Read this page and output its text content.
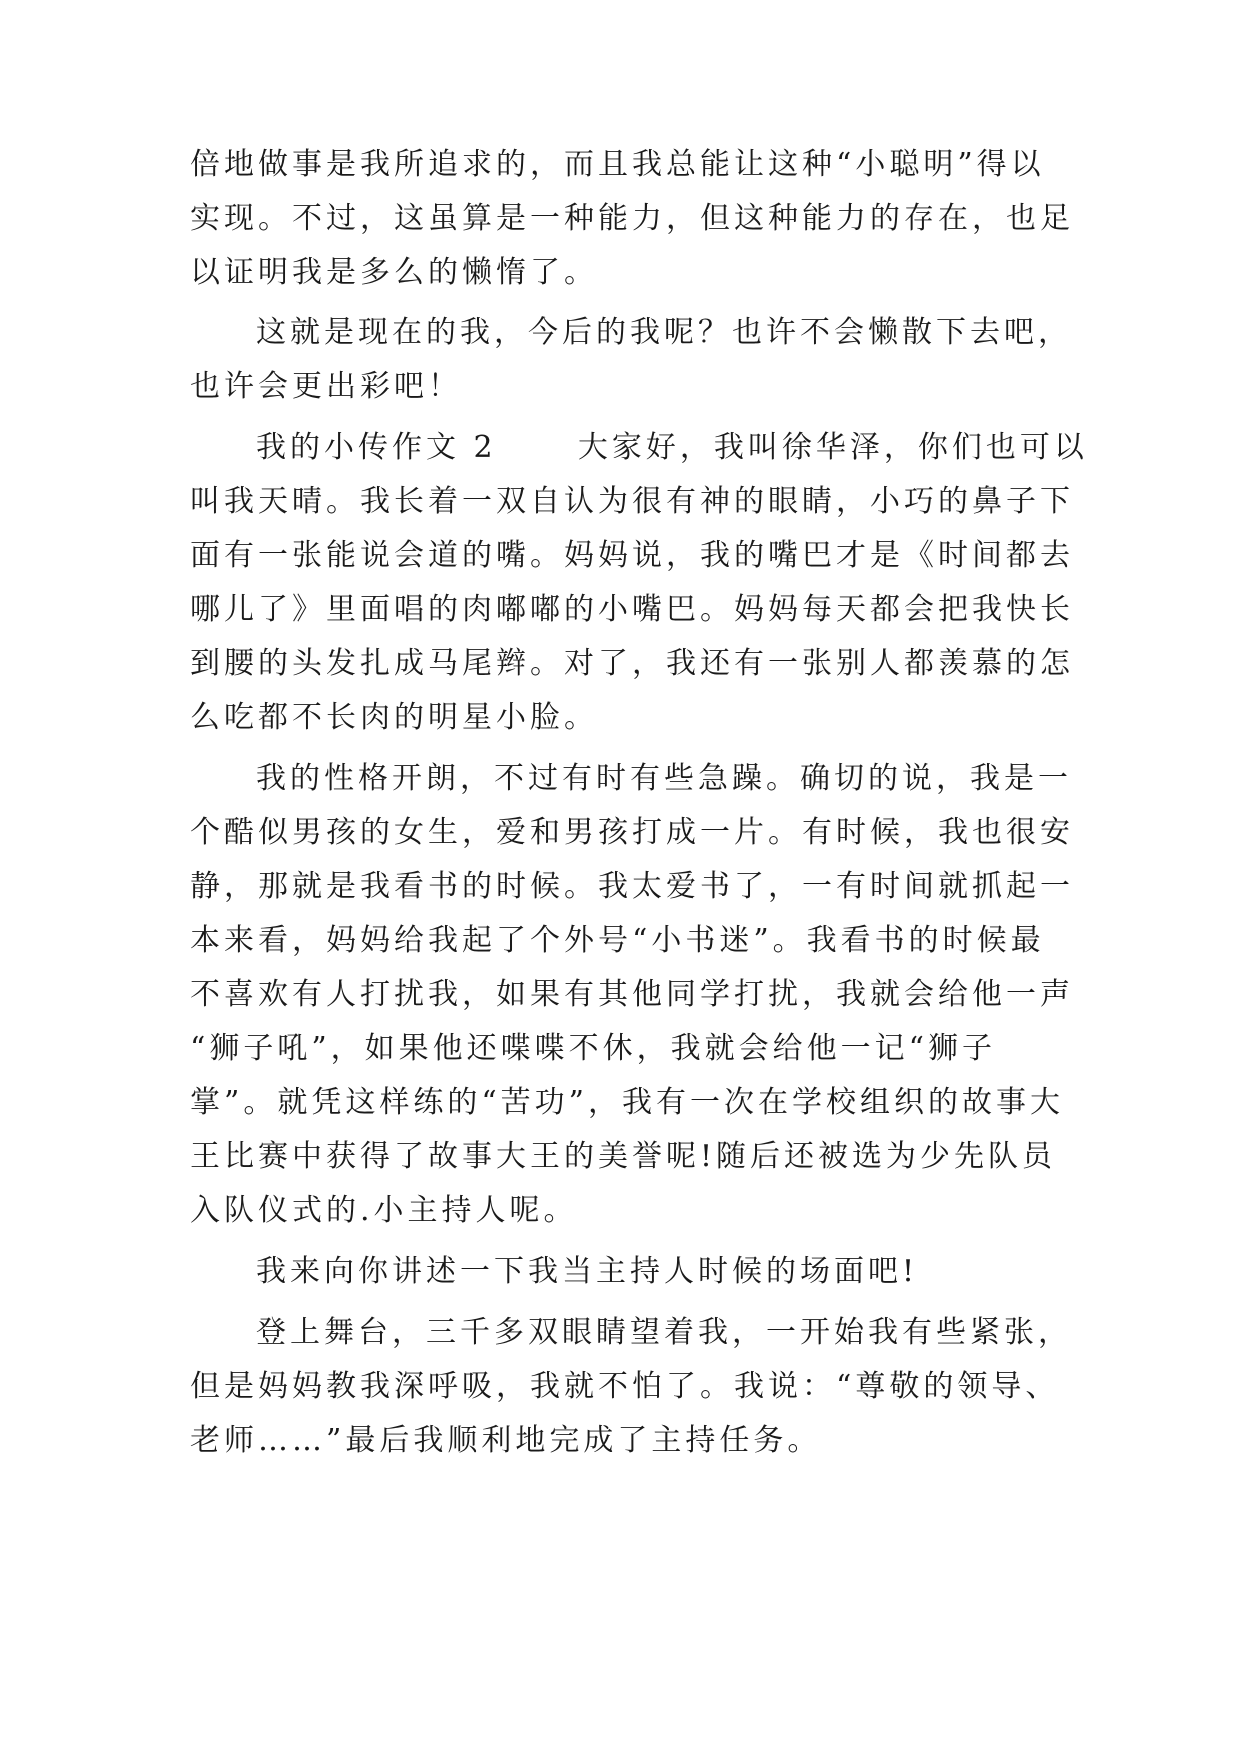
倍地做事是我所追求的，而且我总能让这种“小聪明”得以
实现。不过，这虽算是一种能力，但这种能力的存在，也足
以证明我是多么的懒惰了。
这就是现在的我，今后的我呢？也许不会懒散下去吧，
也许会更出彩吧！
我的小传作文 2      大家好，我叫徐华泽，你们也可以
叫我天晴。我长着一双自认为很有神的眼睛，小巧的鼻子下
面有一张能说会道的嘴。妈妈说，我的嘴巴才是《时间都去
哪儿了》里面唱的肉嘟嘟的小嘴巴。妈妈每天都会把我快长
到腰的头发扎成马尾辫。对了，我还有一张别人都羡慕的怎
么吃都不长肉的明星小脸。
我的性格开朗，不过有时有些急躁。确切的说，我是一
个酷似男孩的女生，爱和男孩打成一片。有时候，我也很安
静，那就是我看书的时候。我太爱书了，一有时间就抓起一
本来看，妈妈给我起了个外号“小书迷”。我看书的时候最
不喜欢有人打扰我，如果有其他同学打扰，我就会给他一声
“狮子吼”，如果他还喋喋不休，我就会给他一记“狮子
掌”。就凭这样练的“苦功”，我有一次在学校组织的故事大
王比赛中获得了故事大王的美誉呢!随后还被选为少先队员
入队仪式的.小主持人呢。
我来向你讲述一下我当主持人时候的场面吧!
登上舞台，三千多双眼睛望着我，一开始我有些紧张，
但是妈妈教我深呼吸，我就不怕了。我说：“尊敬的领导、
老师……”最后我顺利地完成了主持任务。
